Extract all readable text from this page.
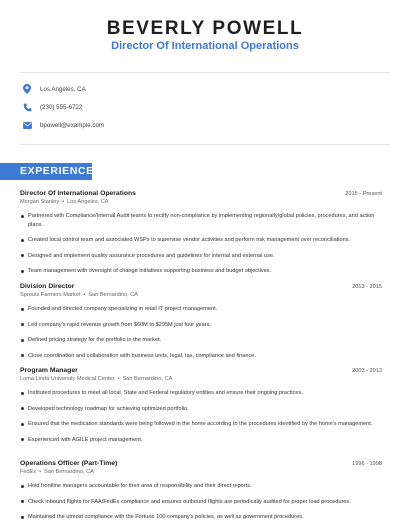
BEVERLY POWELL
Director Of International Operations
Los Angeles, CA
(230) 555-6722
bpowell@example.com
EXPERIENCE
Director Of International Operations	2015 - Present
Morgan Stanley • Los Angeles, CA
Partnered with Compliance/Internal Audit teams to rectify non-compliance by implementing regionally/global policies, procedures, and action plans.
Created local control team and associated WSPs to supervise vendor activities and perform risk management over reconciliations.
Designed and implement quality assurance procedures and guidelines for internal and external use.
Team management with oversight of change initiatives supporting business and budget objectives.
Division Director	2013 - 2015
Sprouts Farmers Market • San Bernardino, CA
Founded and directed company specializing in retail IT project management.
Led company's rapid revenue growth from $60M to $295M just four years.
Defined pricing strategy for the portfolio in the market.
Close coordination and collaboration with business units, legal, tax, compliance and finance.
Program Manager	2003 - 2013
Loma Linda University Medical Center • San Bernardino, CA
Instituted procedures to meet all local, State and Federal regulatory entities and ensure their ongoing practices.
Developed technology roadmap for achieving optimized portfolio.
Ensured that the medication standards were being followed in the home according to the procedures identified by the home's management.
Experienced with AGILE project management.
Operations Officer (Part-Time)	1996 - 1998
FedEx • San Bernardino, CA
Hold frontline managers accountable for their area of responsibility and their direct reports.
Check inbound flights for FAA/FedEx compliance and ensures outbound flights are periodically audited for proper load procedures.
Maintained the utmost compliance with the Fortune 100 company's policies, as well as government procedures.
